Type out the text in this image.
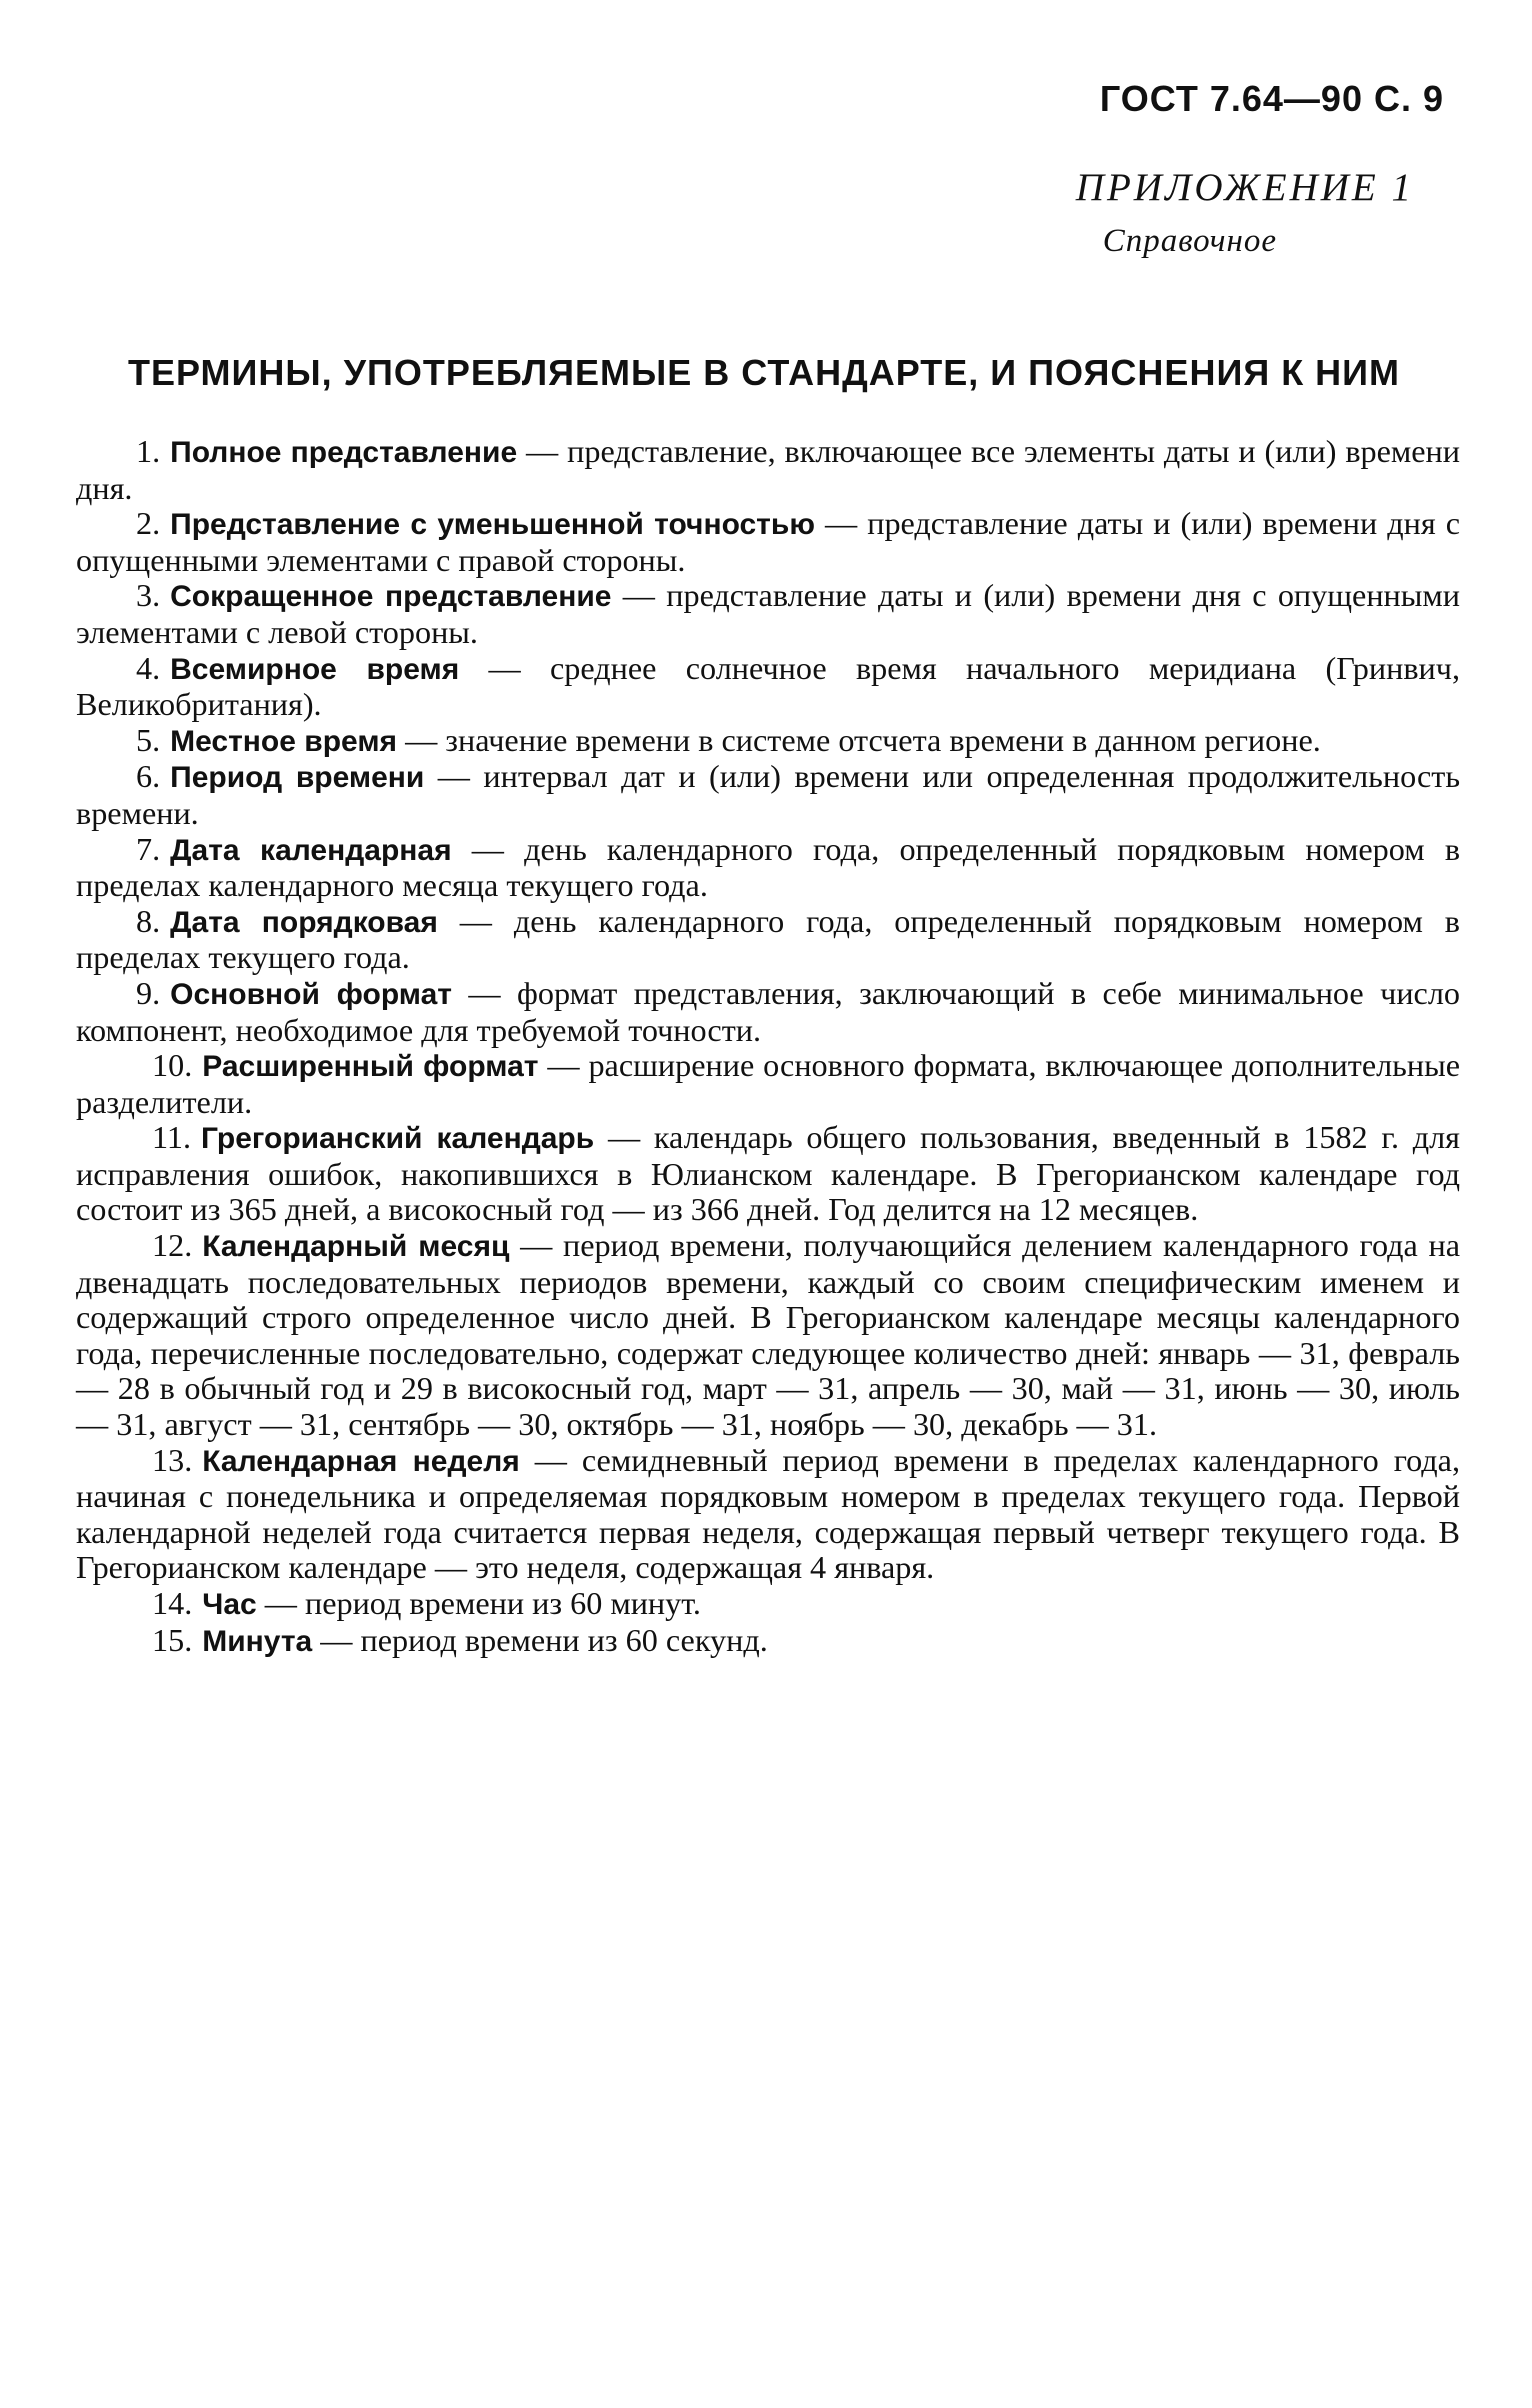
ГОСТ 7.64—90 С. 9
ПРИЛОЖЕНИЕ 1
Справочное
ТЕРМИНЫ, УПОТРЕБЛЯЕМЫЕ В СТАНДАРТЕ, И ПОЯСНЕНИЯ К НИМ
1. Полное представление — представление, включающее все элементы даты и (или) времени дня.
2. Представление с уменьшенной точностью — представление даты и (или) времени дня с опущенными элементами с правой стороны.
3. Сокращенное представление — представление даты и (или) времени дня с опущенными элементами с левой стороны.
4. Всемирное время — среднее солнечное время начального меридиана (Гринвич, Великобритания).
5. Местное время — значение времени в системе отсчета времени в данном регионе.
6. Период времени — интервал дат и (или) времени или определенная продолжительность времени.
7. Дата календарная — день календарного года, определенный порядковым номером в пределах календарного месяца текущего года.
8. Дата порядковая — день календарного года, определенный порядковым номером в пределах текущего года.
9. Основной формат — формат представления, заключающий в себе минимальное число компонент, необходимое для требуемой точности.
10. Расширенный формат — расширение основного формата, включающее дополнительные разделители.
11. Грегорианский календарь — календарь общего пользования, введенный в 1582 г. для исправления ошибок, накопившихся в Юлианском календаре. В Грегорианском календаре год состоит из 365 дней, а високосный год — из 366 дней. Год делится на 12 месяцев.
12. Календарный месяц — период времени, получающийся делением календарного года на двенадцать последовательных периодов времени, каждый со своим специфическим именем и содержащий строго определенное число дней. В Грегорианском календаре месяцы календарного года, перечисленные последовательно, содержат следующее количество дней: январь — 31, февраль — 28 в обычный год и 29 в високосный год, март — 31, апрель — 30, май — 31, июнь — 30, июль — 31, август — 31, сентябрь — 30, октябрь — 31, ноябрь — 30, декабрь — 31.
13. Календарная неделя — семидневный период времени в пределах календарного года, начиная с понедельника и определяемая порядковым номером в пределах текущего года. Первой календарной неделей года считается первая неделя, содержащая первый четверг текущего года. В Грегорианском календаре — это неделя, содержащая 4 января.
14. Час — период времени из 60 минут.
15. Минута — период времени из 60 секунд.
